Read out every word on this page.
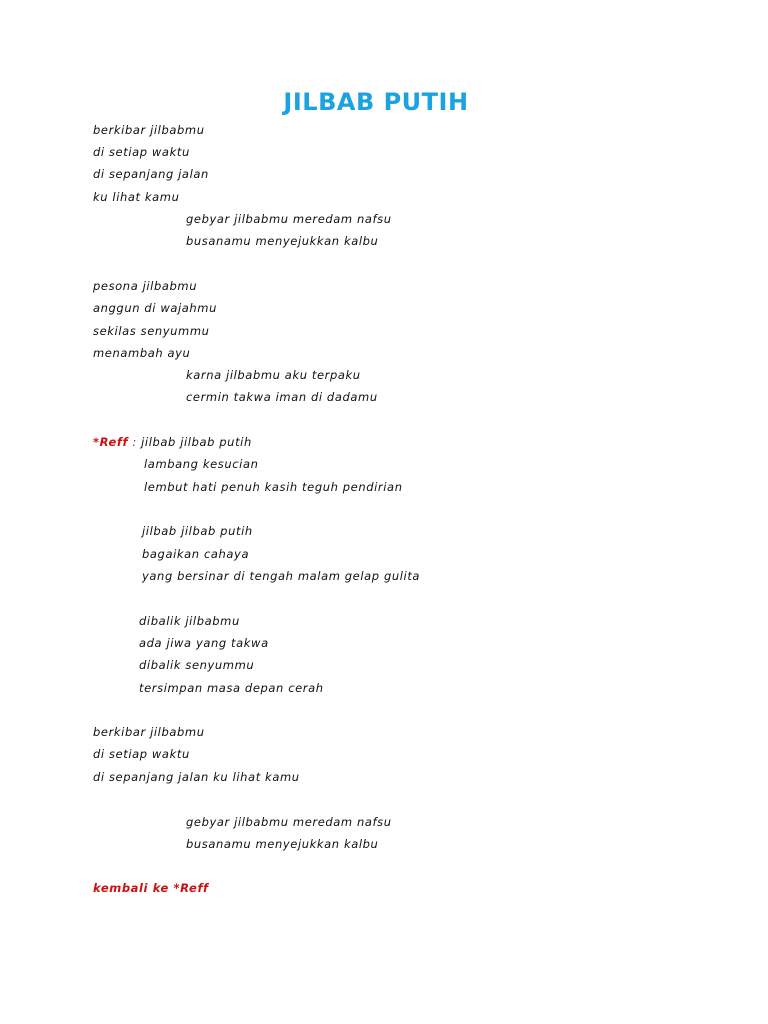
JILBAB PUTIH
berkibar jilbabmu
di setiap waktu
di sepanjang jalan
ku lihat kamu
gebyar jilbabmu meredam nafsu
busanamu menyejukkan kalbu
pesona jilbabmu
anggun di wajahmu
sekilas senyummu
menambah ayu
karna jilbabmu aku terpaku
cermin takwa iman di dadamu
*Reff : jilbab jilbab putih
lambang kesucian
lembut hati penuh kasih teguh pendirian
jilbab jilbab putih
bagaikan cahaya
yang bersinar di tengah malam gelap gulita
dibalik jilbabmu
ada jiwa yang takwa
dibalik senyummu
tersimpan masa depan cerah
berkibar jilbabmu
di setiap waktu
di sepanjang jalan ku lihat kamu
gebyar jilbabmu meredam nafsu
busanamu menyejukkan kalbu
kembali ke *Reff
